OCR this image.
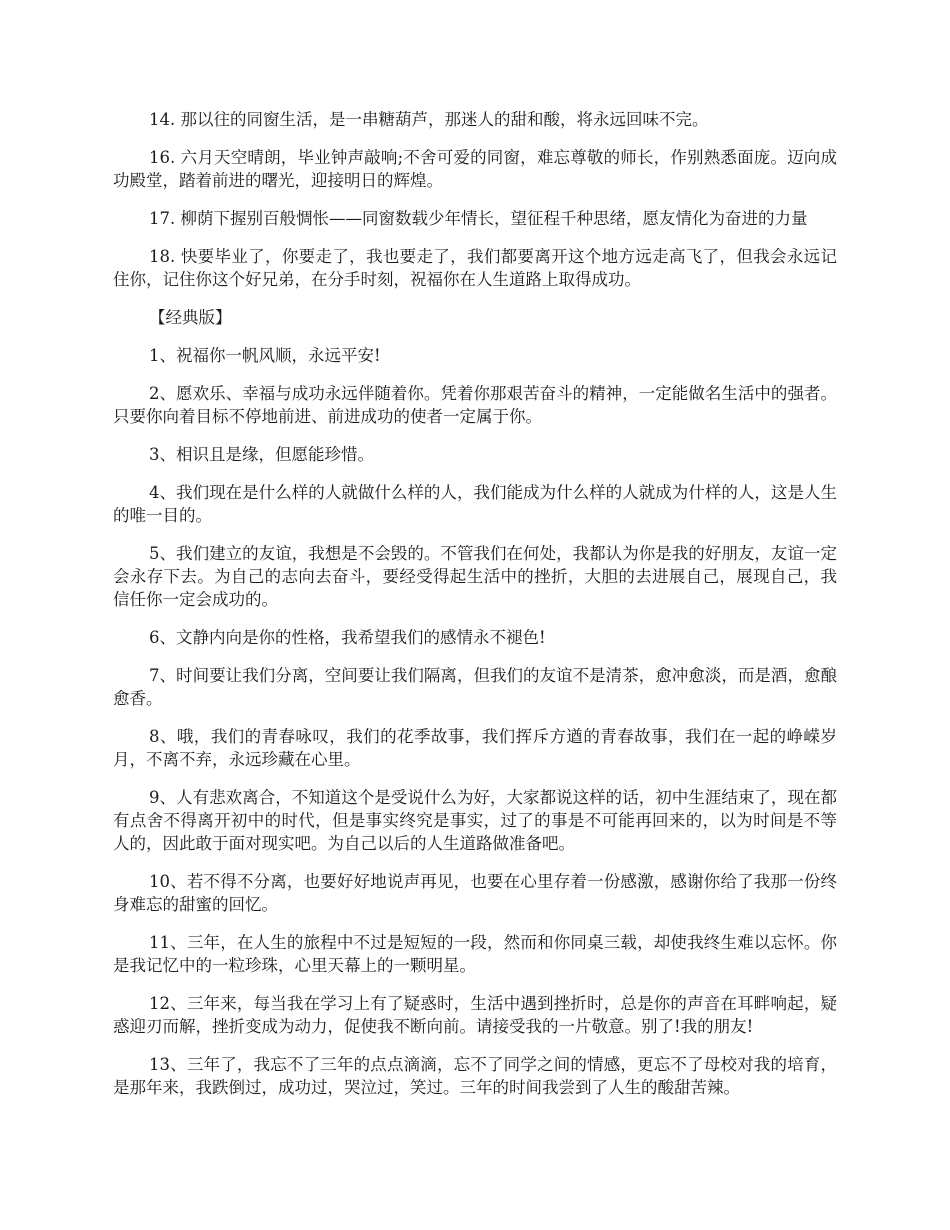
14. 那以往的同窗生活，是一串糖葫芦，那迷人的甜和酸，将永远回味不完。

16. 六月天空晴朗，毕业钟声敲响;不舍可爱的同窗，难忘尊敬的师长，作别熟悉面庞。迈向成功殿堂，踏着前进的曙光，迎接明日的辉煌。

17. 柳荫下握别百般惆怅——同窗数载少年情长，望征程千种思绪，愿友情化为奋进的力量

18. 快要毕业了，你要走了，我也要走了，我们都要离开这个地方远走高飞了，但我会永远记住你，记住你这个好兄弟，在分手时刻，祝福你在人生道路上取得成功。

【经典版】

1、祝福你一帆风顺，永远平安!

2、愿欢乐、幸福与成功永远伴随着你。凭着你那艰苦奋斗的精神，一定能做名生活中的强者。只要你向着目标不停地前进、前进成功的使者一定属于你。

3、相识且是缘，但愿能珍惜。

4、我们现在是什么样的人就做什么样的人，我们能成为什么样的人就成为什样的人，这是人生的唯一目的。

5、我们建立的友谊，我想是不会毁的。不管我们在何处，我都认为你是我的好朋友，友谊一定会永存下去。为自己的志向去奋斗，要经受得起生活中的挫折，大胆的去进展自己，展现自己，我信任你一定会成功的。

6、文静内向是你的性格，我希望我们的感情永不褪色!

7、时间要让我们分离，空间要让我们隔离，但我们的友谊不是清茶，愈冲愈淡，而是酒，愈酿愈香。

8、哦，我们的青春咏叹，我们的花季故事，我们挥斥方遒的青春故事，我们在一起的峥嵘岁月，不离不弃，永远珍藏在心里。

9、人有悲欢离合，不知道这个是受说什么为好，大家都说这样的话，初中生涯结束了，现在都有点舍不得离开初中的时代，但是事实终究是事实，过了的事是不可能再回来的，以为时间是不等人的，因此敢于面对现实吧。为自己以后的人生道路做准备吧。

10、若不得不分离，也要好好地说声再见，也要在心里存着一份感激，感谢你给了我那一份终身难忘的甜蜜的回忆。

11、三年，在人生的旅程中不过是短短的一段，然而和你同桌三载，却使我终生难以忘怀。你是我记忆中的一粒珍珠，心里天幕上的一颗明星。

12、三年来，每当我在学习上有了疑惑时，生活中遇到挫折时，总是你的声音在耳畔响起，疑惑迎刃而解，挫折变成为动力，促使我不断向前。请接受我的一片敬意。别了!我的朋友!

13、三年了，我忘不了三年的点点滴滴，忘不了同学之间的情感，更忘不了母校对我的培育，是那年来，我跌倒过，成功过，哭泣过，笑过。三年的时间我尝到了人生的酸甜苦辣。
